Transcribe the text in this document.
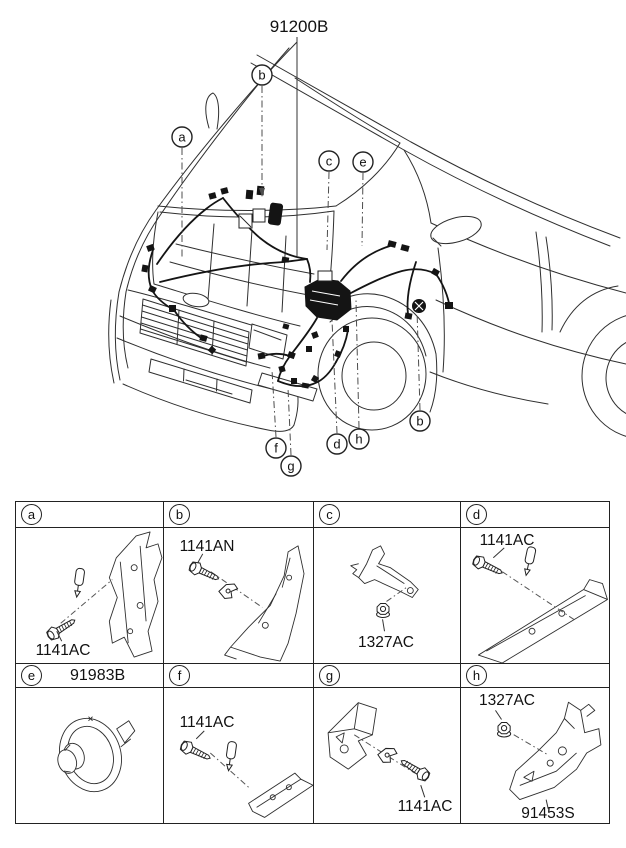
91200B
a
b
c e
f
g
d h
b
a
1141AC
b
1141AN
c
1327AC
d
1141AC
e	91983B	f
1141AC
g
1141AC
h
1327AC
91453S
